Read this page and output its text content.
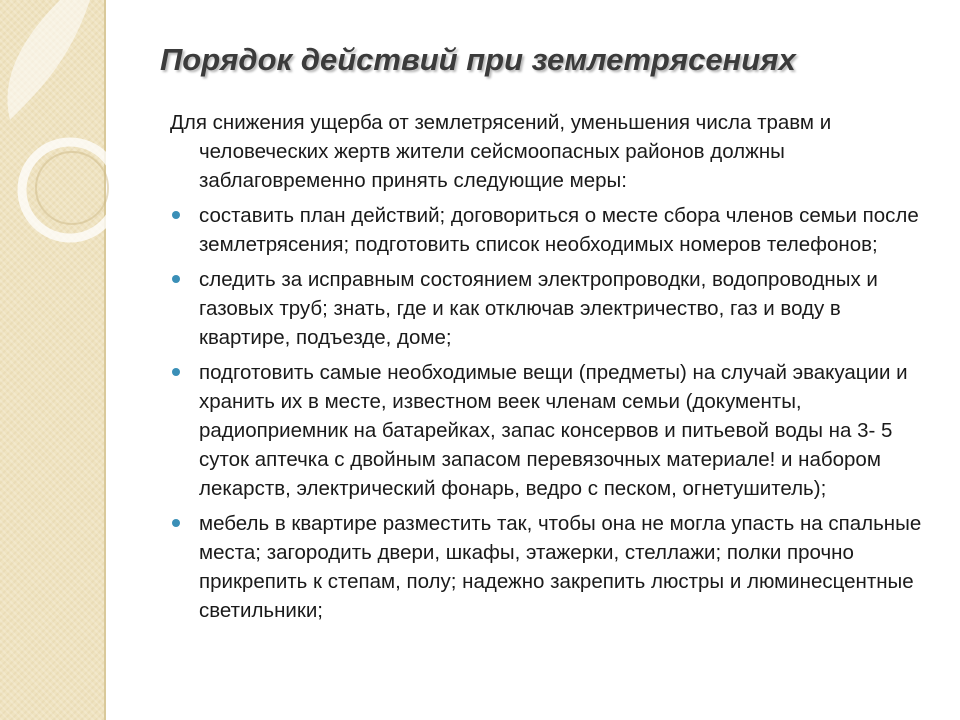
Порядок действий при землетрясениях

Для снижения ущерба от землетрясений, уменьшения числа травм и человеческих жертв жители сейсмоопасных районов должны заблаговременно принять следующие меры:

составить план действий; договориться о месте сбора членов семьи после землетрясения; подготовить список необходимых номеров телефонов;
следить за исправным состоянием электропроводки, водопроводных и газовых труб; знать, где и как отключав электричество, газ и воду в квартире, подъезде, доме;
подготовить самые необходимые вещи (предметы) на случай эвакуации и хранить их в месте, известном веек членам семьи (документы, радиоприемник на батарейках, запас консервов и питьевой воды на 3- 5 суток аптечка с двойным запасом перевязочных материале! и набором лекарств, электрический фонарь, ведро с песком, огнетушитель);
мебель в квартире разместить так, чтобы она не могла упасть на спальные места; загородить двери, шкафы, этажерки, стеллажи; полки прочно прикрепить к степам, полу; надежно закрепить люстры и люминесцентные светильники;
